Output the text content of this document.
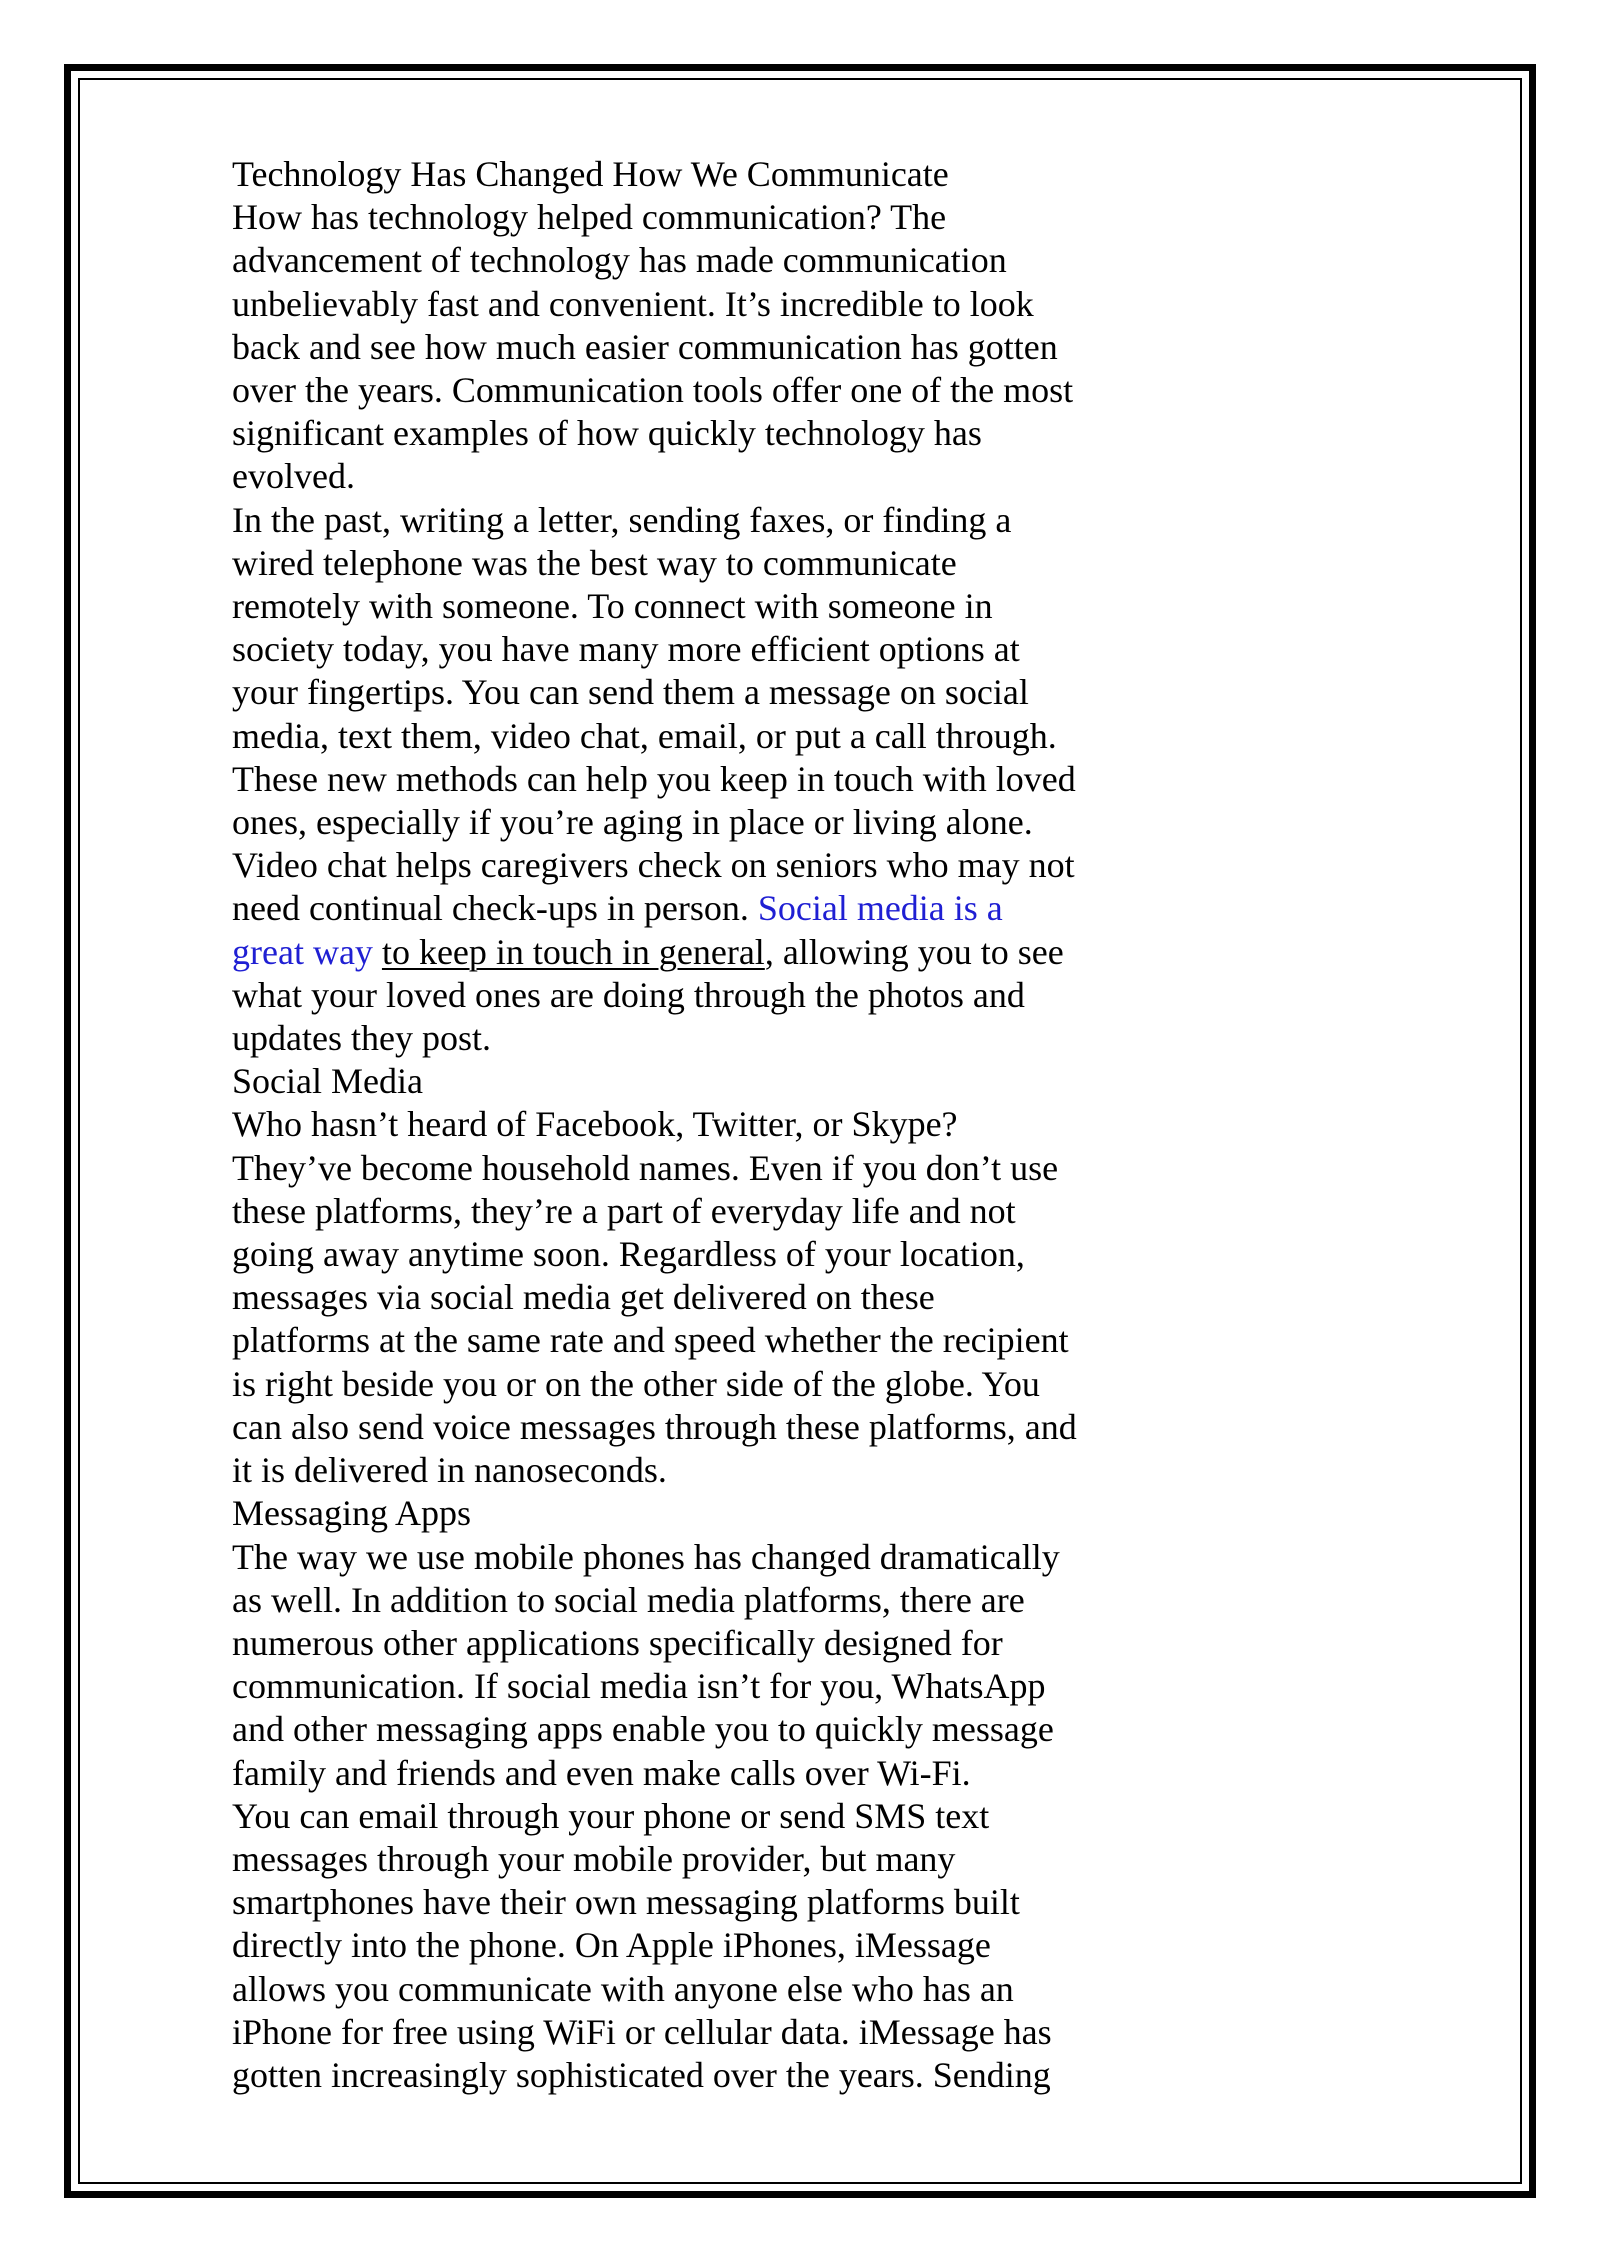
Technology Has Changed How We Communicate

How has technology helped communication? The

advancement of technology has made communication

unbelievably fast and convenient. It’s incredible to look

back and see how much easier communication has gotten

over the years. Communication tools offer one of the most

significant examples of how quickly technology has

evolved.

In the past, writing a letter, sending faxes, or finding a

wired telephone was the best way to communicate

remotely with someone. To connect with someone in

society today, you have many more efficient options at

your fingertips. You can send them a message on social

media, text them, video chat, email, or put a call through.

These new methods can help you keep in touch with loved

ones, especially if you’re aging in place or living alone.

Video chat helps caregivers check on seniors who may not

need continual check-ups in person. Social media is a

great way to keep in touch in general, allowing you to see

what your loved ones are doing through the photos and

updates they post.

Social Media

Who hasn’t heard of Facebook, Twitter, or Skype?

They’ve become household names. Even if you don’t use

these platforms, they’re a part of everyday life and not

going away anytime soon. Regardless of your location,

messages via social media get delivered on these

platforms at the same rate and speed whether the recipient

is right beside you or on the other side of the globe. You

can also send voice messages through these platforms, and

it is delivered in nanoseconds.

Messaging Apps

The way we use mobile phones has changed dramatically

as well. In addition to social media platforms, there are

numerous other applications specifically designed for

communication. If social media isn’t for you, WhatsApp

and other messaging apps enable you to quickly message

family and friends and even make calls over Wi-Fi.

You can email through your phone or send SMS text

messages through your mobile provider, but many

smartphones have their own messaging platforms built

directly into the phone. On Apple iPhones, iMessage

allows you communicate with anyone else who has an

iPhone for free using WiFi or cellular data. iMessage has

gotten increasingly sophisticated over the years. Sending
